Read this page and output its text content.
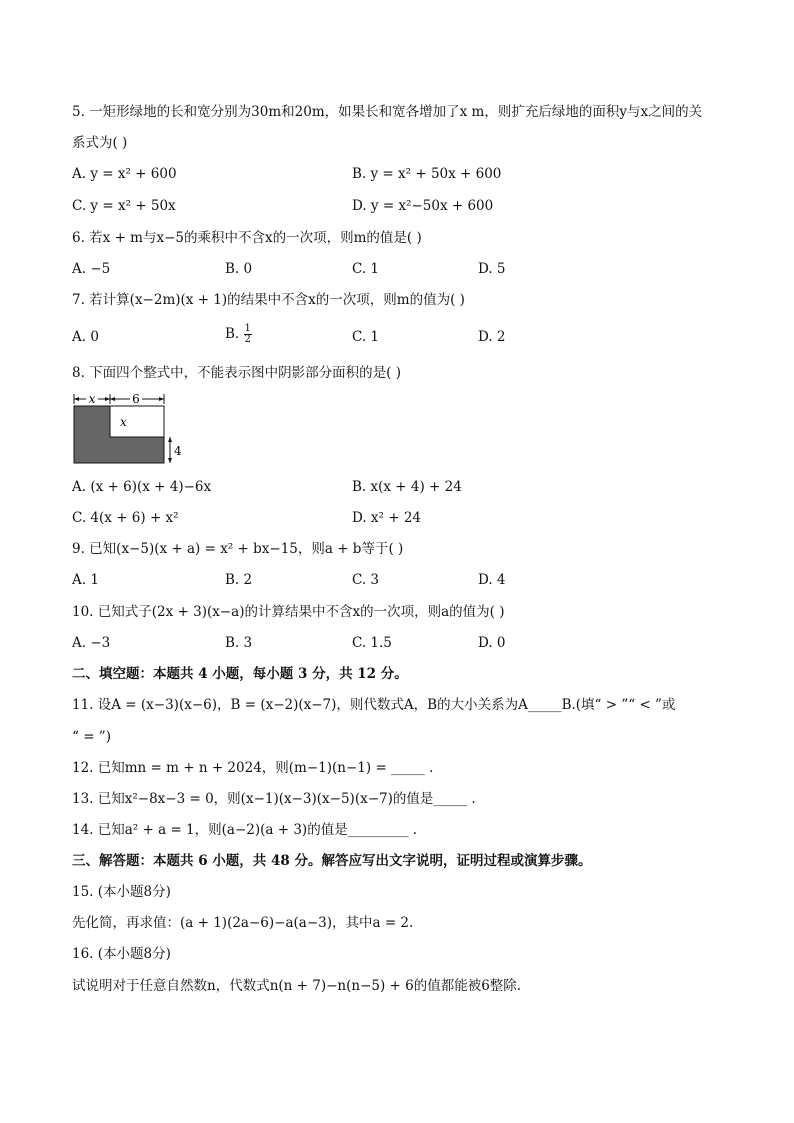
5. 一矩形绿地的长和宽分别为30m和20m，如果长和宽各增加了x m，则扩充后绿地的面积y与x之间的关
系式为( )
A. y = x² + 600	B. y = x² + 50x + 600
C. y = x² + 50x	D. y = x²−50x + 600
6. 若x + m与x−5的乘积中不含x的一次项，则m的值是( )
A. −5	B. 0	C. 1	D. 5
7. 若计算(x−2m)(x + 1)的结果中不含x的一次项，则m的值为( )
A. 0	B. $\frac{1}{2}$	C. 1	D. 2
8. 下面四个整式中，不能表示图中阴影部分面积的是( )
x	6
x
4
A. (x + 6)(x + 4)−6x	B. x(x + 4) + 24
C. 4(x + 6) + x²	D. x² + 24
9. 已知(x−5)(x + a) = x² + bx−15，则a + b等于( )
A. 1	B. 2	C. 3	D. 4
10. 已知式子(2x + 3)(x−a)的计算结果中不含x的一次项，则a的值为( )
A. −3	B. 3	C. 1.5	D. 0
二、填空题：本题共 4 小题，每小题 3 分，共 12 分。
11. 设A = (x−3)(x−6)，B = (x−2)(x−7)，则代数式A，B的大小关系为A_____B.(填“ > ”“ < ”或
“ = ”)
12. 已知mn = m + n + 2024，则(m−1)(n−1) = _____ .
13. 已知x²−8x−3 = 0，则(x−1)(x−3)(x−5)(x−7)的值是_____ .
14. 已知a² + a = 1，则(a−2)(a + 3)的值是_________ .
三、解答题：本题共 6 小题，共 48 分。解答应写出文字说明，证明过程或演算步骤。
15. (本小题8分)
先化简，再求值：(a + 1)(2a−6)−a(a−3)，其中a = 2.
16. (本小题8分)
试说明对于任意自然数n，代数式n(n + 7)−n(n−5) + 6的值都能被6整除.
